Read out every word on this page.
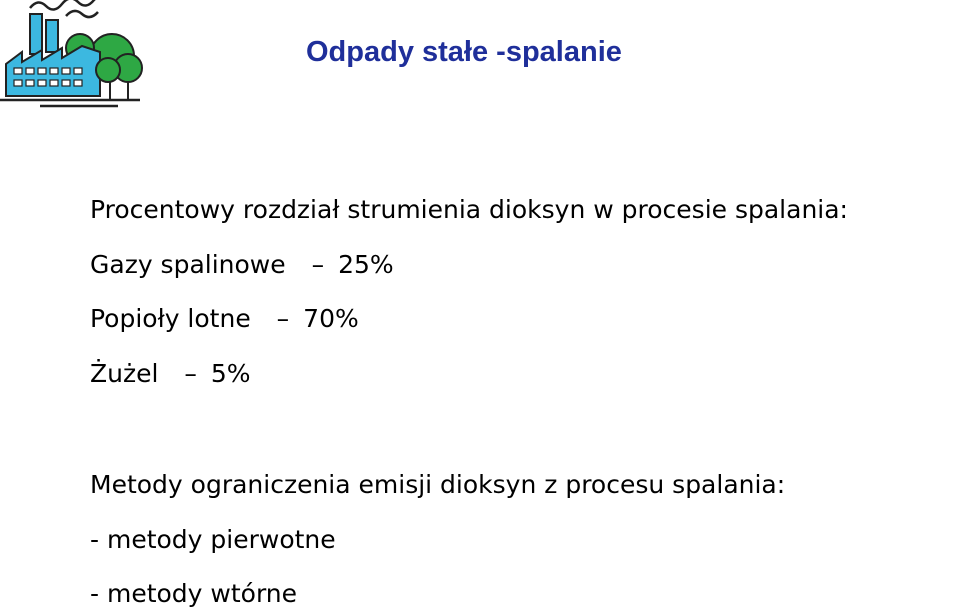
Odpady stałe -spalanie
Procentowy rozdział strumienia dioksyn w procesie spalania:
Gazy spalinowe – 25%
Popioły lotne – 70%
Żużel – 5%
Metody ograniczenia emisji dioksyn z procesu spalania:
- metody pierwotne
- metody wtórne
